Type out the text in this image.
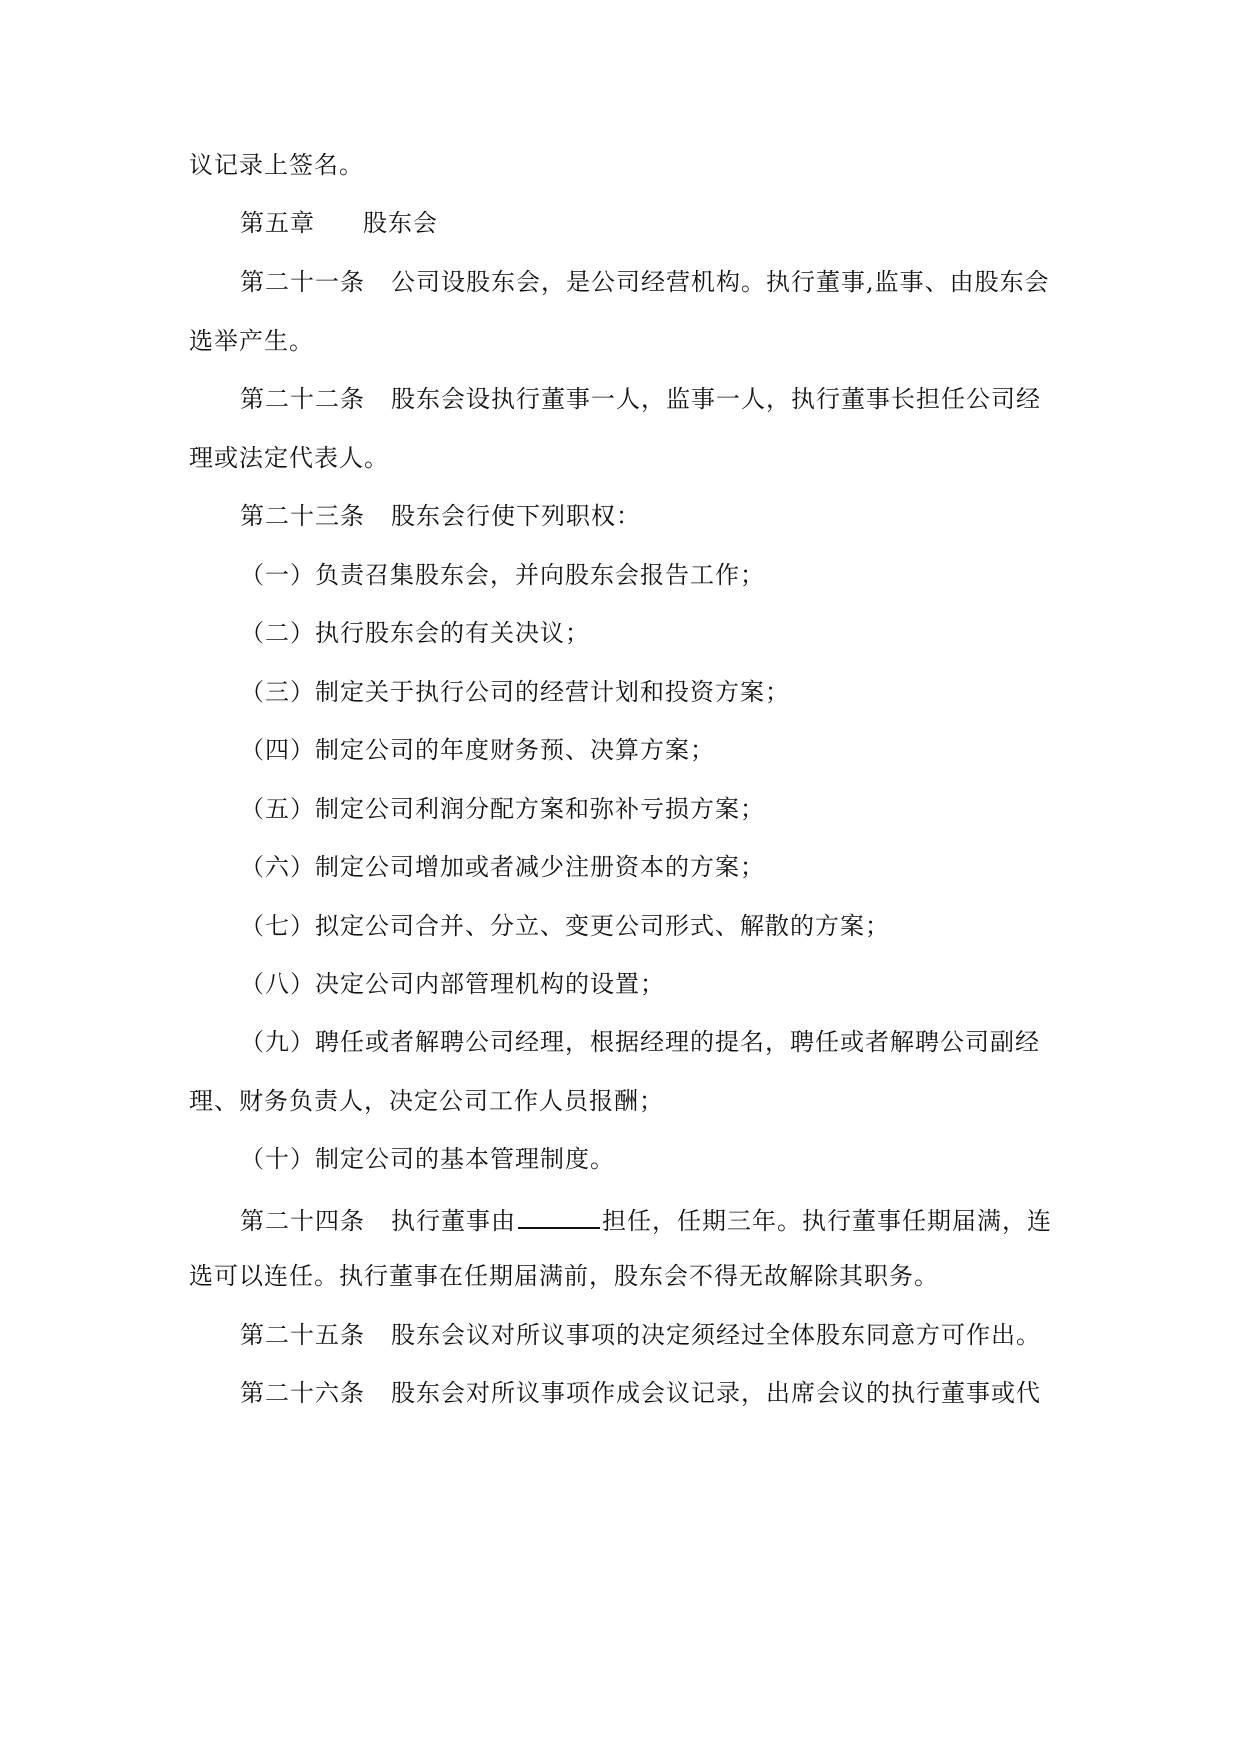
议记录上签名。
第五章 股东会
第二十一条 公司设股东会，是公司经营机构。执行董事,监事、由股东会
选举产生。
第二十二条 股东会设执行董事一人，监事一人，执行董事长担任公司经
理或法定代表人。
第二十三条 股东会行使下列职权：
（一）负责召集股东会，并向股东会报告工作；
（二）执行股东会的有关决议；
（三）制定关于执行公司的经营计划和投资方案；
（四）制定公司的年度财务预、决算方案；
（五）制定公司利润分配方案和弥补亏损方案；
（六）制定公司增加或者减少注册资本的方案；
（七）拟定公司合并、分立、变更公司形式、解散的方案；
（八）决定公司内部管理机构的设置；
（九）聘任或者解聘公司经理，根据经理的提名，聘任或者解聘公司副经
理、财务负责人，决定公司工作人员报酬；
（十）制定公司的基本管理制度。
第二十四条 执行董事由	担任，任期三年。执行董事任期届满，连
选可以连任。执行董事在任期届满前，股东会不得无故解除其职务。
第二十五条 股东会议对所议事项的决定须经过全体股东同意方可作出。
第二十六条 股东会对所议事项作成会议记录，出席会议的执行董事或代
